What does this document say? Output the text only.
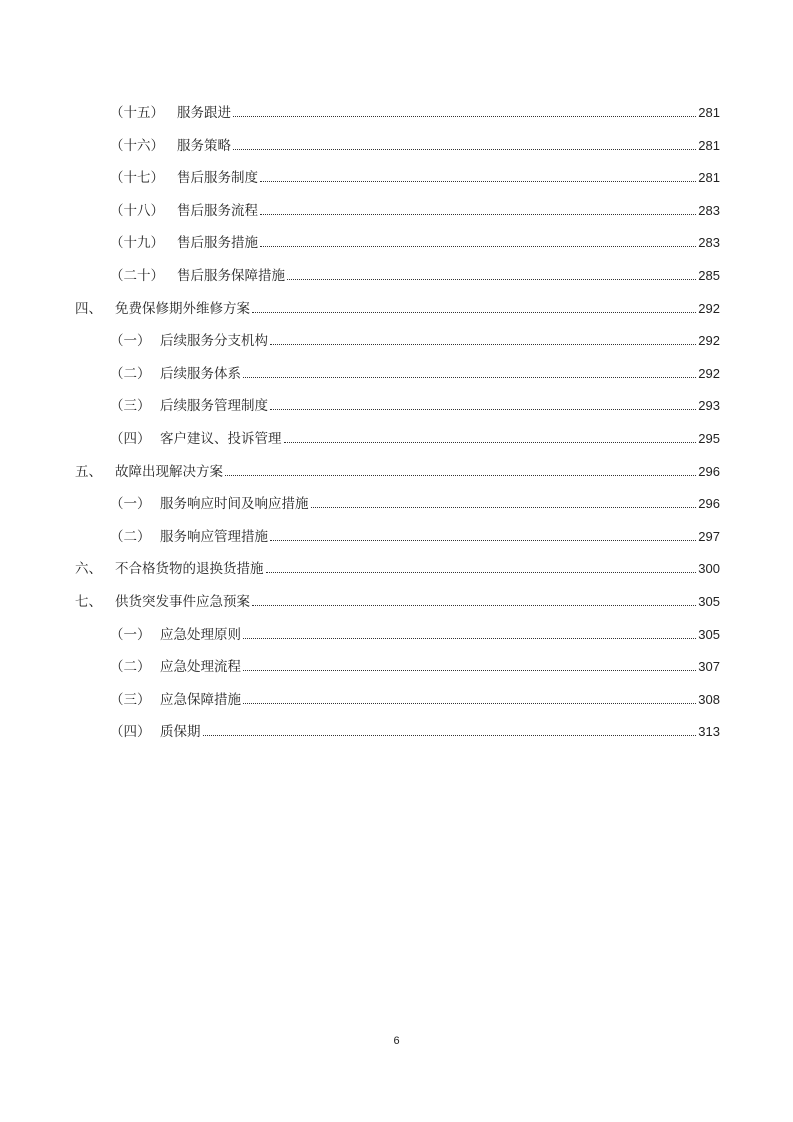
（十五） 服务跟进	281
（十六） 服务策略	281
（十七） 售后服务制度	281
（十八） 售后服务流程	283
（十九） 售后服务措施	283
（二十） 售后服务保障措施	285
四、 免费保修期外维修方案	292
（一） 后续服务分支机构	292
（二） 后续服务体系	292
（三） 后续服务管理制度	293
（四） 客户建议、投诉管理	295
五、 故障出现解决方案	296
（一） 服务响应时间及响应措施	296
（二） 服务响应管理措施	297
六、 不合格货物的退换货措施	300
七、 供货突发事件应急预案	305
（一） 应急处理原则	305
（二） 应急处理流程	307
（三） 应急保障措施	308
（四） 质保期	313
6
